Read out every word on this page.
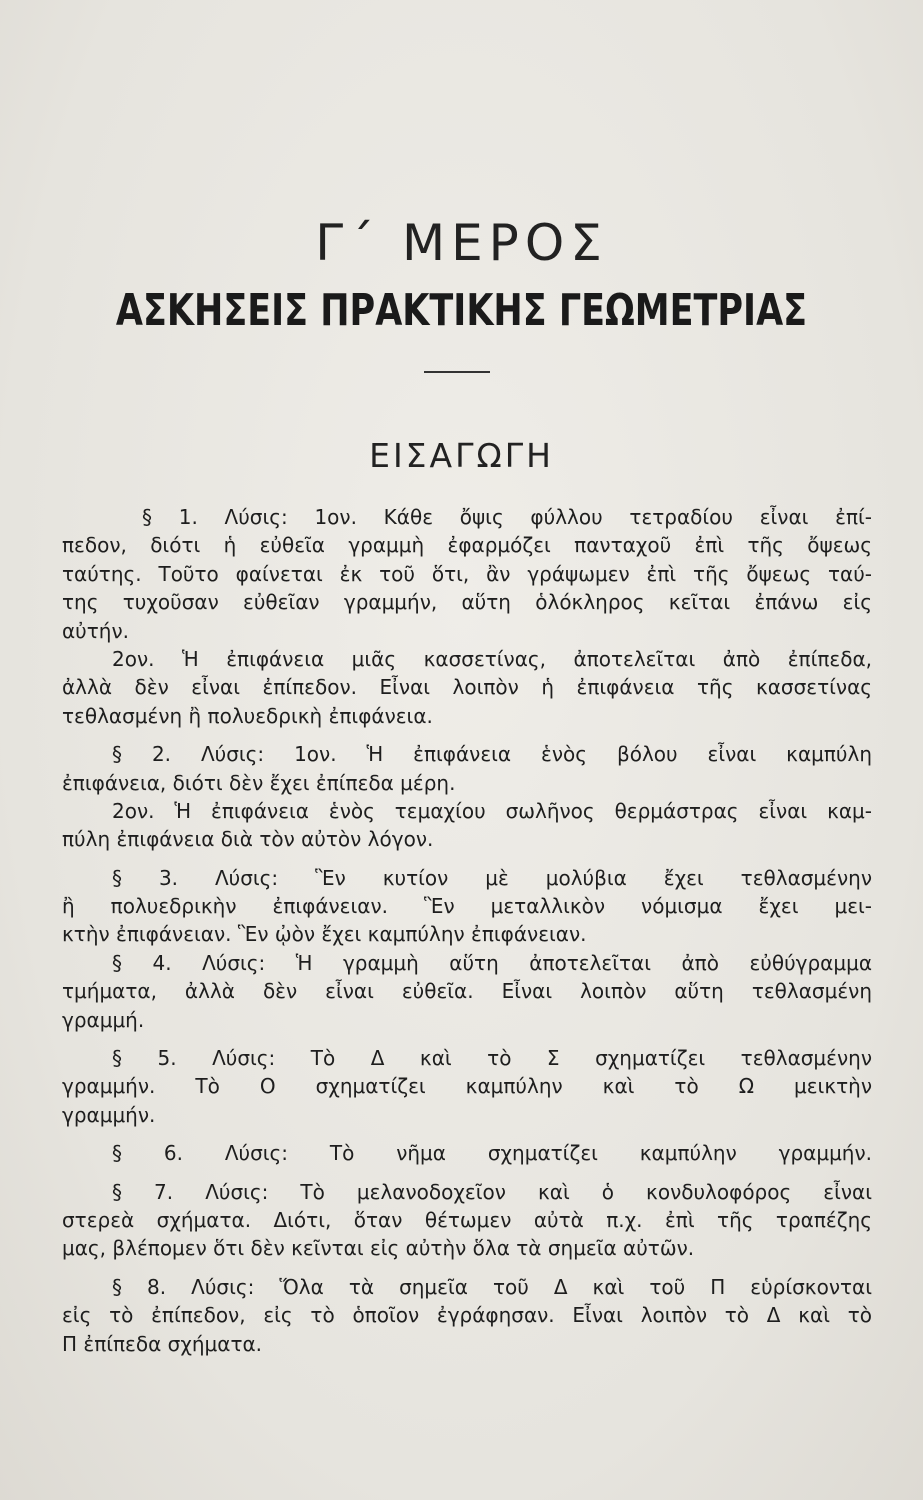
Γ΄ ΜΕΡΟΣ
ΑΣΚΗΣΕΙΣ ΠΡΑΚΤΙΚΗΣ ΓΕΩΜΕΤΡΙΑΣ
ΕΙΣΑΓΩΓΗ
§ 1. Λύσις: 1ον. Κάθε ὄψις φύλλου τετραδίου εἶναι ἐπί-
πεδον, διότι ἡ εὐθεῖα γραμμὴ ἐφαρμόζει πανταχοῦ ἐπὶ τῆς ὄψεως
ταύτης. Τοῦτο φαίνεται ἐκ τοῦ ὅτι, ἂν γράψωμεν ἐπὶ τῆς ὄψεως ταύ-
της τυχοῦσαν εὐθεῖαν γραμμήν, αὕτη ὁλόκληρος κεῖται ἐπάνω εἰς
αὐτήν.
2ον. Ἡ ἐπιφάνεια μιᾶς κασσετίνας, ἀποτελεῖται ἀπὸ ἐπίπεδα,
ἀλλὰ δὲν εἶναι ἐπίπεδον. Εἶναι λοιπὸν ἡ ἐπιφάνεια τῆς κασσετίνας
τεθλασμένη ἢ πολυεδρικὴ ἐπιφάνεια.
§ 2. Λύσις: 1ον. Ἡ ἐπιφάνεια ἑνὸς βόλου εἶναι καμπύλη
ἐπιφάνεια, διότι δὲν ἔχει ἐπίπεδα μέρη.
2ον. Ἡ ἐπιφάνεια ἑνὸς τεμαχίου σωλῆνος θερμάστρας εἶναι καμ-
πύλη ἐπιφάνεια διὰ τὸν αὐτὸν λόγον.
§ 3. Λύσις: Ἓν κυτίον μὲ μολύβια ἔχει τεθλασμένην
ἢ πολυεδρικὴν ἐπιφάνειαν. Ἓν μεταλλικὸν νόμισμα ἔχει μει-
κτὴν ἐπιφάνειαν. Ἓν ᾠὸν ἔχει καμπύλην ἐπιφάνειαν.
§ 4. Λύσις: Ἡ γραμμὴ αὕτη ἀποτελεῖται ἀπὸ εὐθύγραμμα
τμήματα, ἀλλὰ δὲν εἶναι εὐθεῖα. Εἶναι λοιπὸν αὕτη τεθλασμένη
γραμμή.
§ 5. Λύσις: Τὸ Δ καὶ τὸ Σ σχηματίζει τεθλασμένην
γραμμήν. Τὸ Ο σχηματίζει καμπύλην καὶ τὸ Ω μεικτὴν
γραμμήν.
§ 6. Λύσις: Τὸ νῆμα σχηματίζει καμπύλην γραμμήν.
§ 7. Λύσις: Τὸ μελανοδοχεῖον καὶ ὁ κονδυλοφόρος εἶναι
στερεὰ σχήματα. Διότι, ὅταν θέτωμεν αὐτὰ π.χ. ἐπὶ τῆς τραπέζης
μας, βλέπομεν ὅτι δὲν κεῖνται εἰς αὐτὴν ὅλα τὰ σημεῖα αὐτῶν.
§ 8. Λύσις: Ὅλα τὰ σημεῖα τοῦ Δ καὶ τοῦ Π εὑρίσκονται
εἰς τὸ ἐπίπεδον, εἰς τὸ ὁποῖον ἐγράφησαν. Εἶναι λοιπὸν τὸ Δ καὶ τὸ
Π ἐπίπεδα σχήματα.
